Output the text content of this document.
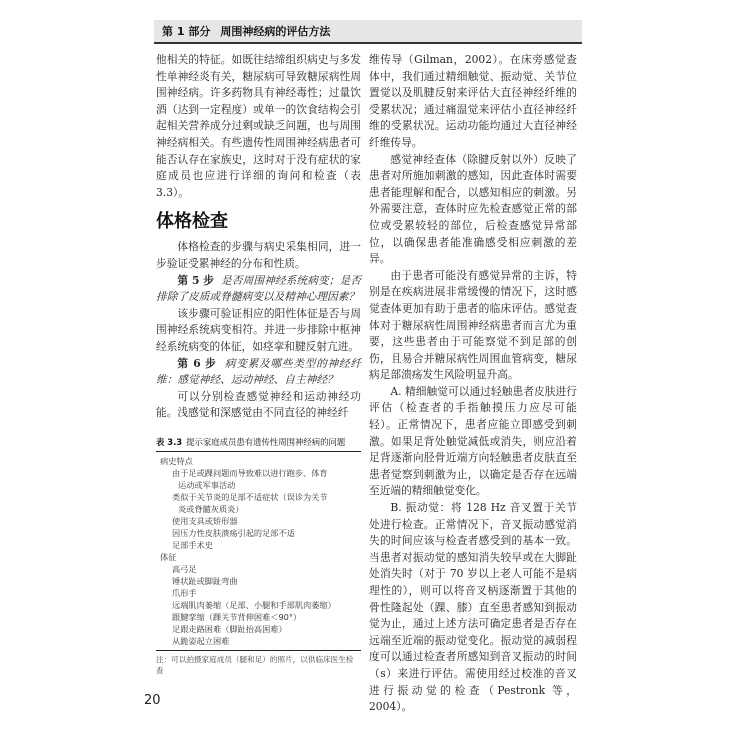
第 1 部分 周围神经病的评估方法

他相关的特征。如既往结缔组织病史与多发性单神经炎有关，糖尿病可导致糖尿病性周围神经病。许多药物具有神经毒性；过量饮酒（达到一定程度）或单一的饮食结构会引起相关营养成分过剩或缺乏问题，也与周围神经病相关。有些遗传性周围神经病患者可能否认存在家族史，这时对于没有症状的家庭成员也应进行详细的询问和检查（表 3.3）。

体格检查

体格检查的步骤与病史采集相同，进一步验证受累神经的分布和性质。

第 5 步 是否周围神经系统病变；是否排除了皮质或脊髓病变以及精神心理因素？

该步骤可验证相应的阳性体征是否与周围神经系统病变相符。并进一步排除中枢神经系统病变的体征，如痉挛和腱反射亢进。

第 6 步 病变累及哪些类型的神经纤维：感觉神经、运动神经、自主神经？

可以分别检查感觉神经和运动神经功能。浅感觉和深感觉由不同直径的神经纤

表 3.3 提示家庭成员患有遗传性周围神经病的问题
病史特点
由于足或踝问题而导致难以进行跑步、体育
运动或军事活动
类似于关节炎的足部不适症状（误诊为关节
炎或脊髓灰质炎）
使用支具或矫形器
因压力性皮肤溃疡引起的足部不适
足部手术史
体征
高弓足
锤状趾或脚趾弯曲
爪形手
远端肌肉萎缩（足部、小腿和手部肌肉萎缩）
跟腱挛缩（踝关节背伸困难＜90°）
足跟走路困难（脚趾抬高困难）
从跪姿起立困难
注：可以拍摄家庭成员（腿和足）的照片，以供临床医生检查

维传导（Gilman，2002）。在床旁感觉查体中，我们通过精细触觉、振动觉、关节位置觉以及肌腱反射来评估大直径神经纤维的受累状况；通过痛温觉来评估小直径神经纤维的受累状况。运动功能均通过大直径神经纤维传导。

感觉神经查体（除腱反射以外）反映了患者对所施加刺激的感知，因此查体时需要患者能理解和配合，以感知相应的刺激。另外需要注意，查体时应先检查感觉正常的部位或受累较轻的部位，后检查感觉异常部位，以确保患者能准确感受相应刺激的差异。

由于患者可能没有感觉异常的主诉，特别是在疾病进展非常缓慢的情况下，这时感觉查体更加有助于患者的临床评估。感觉查体对于糖尿病性周围神经病患者而言尤为重要，这些患者由于可能察觉不到足部的创伤，且易合并糖尿病性周围血管病变，糖尿病足部溃疡发生风险明显升高。

A. 精细触觉可以通过轻触患者皮肤进行评估（检查者的手指触摸压力应尽可能轻）。正常情况下，患者应能立即感受到刺激。如果足背处触觉减低或消失，则应沿着足背逐渐向胫骨近端方向轻触患者皮肤直至患者觉察到刺激为止，以确定是否存在远端至近端的精细触觉变化。

B. 振动觉：将 128 Hz 音叉置于关节处进行检查。正常情况下，音叉振动感觉消失的时间应该与检查者感受到的基本一致。当患者对振动觉的感知消失较早或在大脚趾处消失时（对于 70 岁以上老人可能不是病理性的），则可以将音叉柄逐渐置于其他的骨性隆起处（踝、膝）直至患者感知到振动觉为止，通过上述方法可确定患者是否存在远端至近端的振动觉变化。振动觉的减弱程度可以通过检查者所感知到音叉振动的时间（s）来进行评估。需使用经过校准的音叉进行振动觉的检查（Pestronk 等，2004）。

20
